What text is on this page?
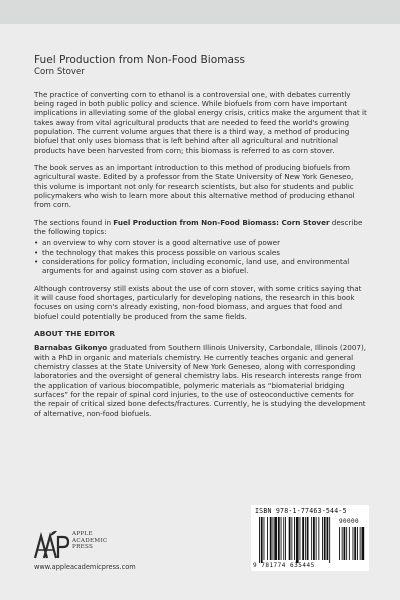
Fuel Production from Non-Food Biomass
Corn Stover

The practice of converting corn to ethanol is a controversial one, with debates currently being raged in both public policy and science. While biofuels from corn have important implications in alleviating some of the global energy crisis, critics make the argument that it takes away from vital agricultural products that are needed to feed the world's growing population. The current volume argues that there is a third way, a method of producing biofuel that only uses biomass that is left behind after all agricultural and nutritional products have been harvested from corn; this biomass is referred to as corn stover.

The book serves as an important introduction to this method of producing biofuels from agricultural waste. Edited by a professor from the State University of New York Geneseo, this volume is important not only for research scientists, but also for students and public policymakers who wish to learn more about this alternative method of producing ethanol from corn.

The sections found in Fuel Production from Non-Food Biomass: Corn Stover describe the following topics:

• an overview to why corn stover is a good alternative use of power
• the technology that makes this process possible on various scales
• considerations for policy formation, including economic, land use, and environmental arguments for and against using corn stover as a biofuel.

Although controversy still exists about the use of corn stover, with some critics saying that it will cause food shortages, particularly for developing nations, the research in this book focuses on using corn's already existing, non-food biomass, and argues that food and biofuel could potentially be produced from the same fields.

ABOUT THE EDITOR

Barnabas Gikonyo graduated from Southern Illinois University, Carbondale, Illinois (2007), with a PhD in organic and materials chemistry. He currently teaches organic and general chemistry classes at the State University of New York Geneseo, along with corresponding laboratories and the oversight of general chemistry labs. His research interests range from the application of various biocompatible, polymeric materials as “biomaterial bridging surfaces” for the repair of spinal cord injuries, to the use of osteoconductive cements for the repair of critical sized bone defects/fractures. Currently, he is studying the development of alternative, non-food biofuels.

APPLE
ACADEMIC
PRESS
www.appleacademicpress.com
ISBN 978-1-77463-544-5
90000
9 781774 635445
